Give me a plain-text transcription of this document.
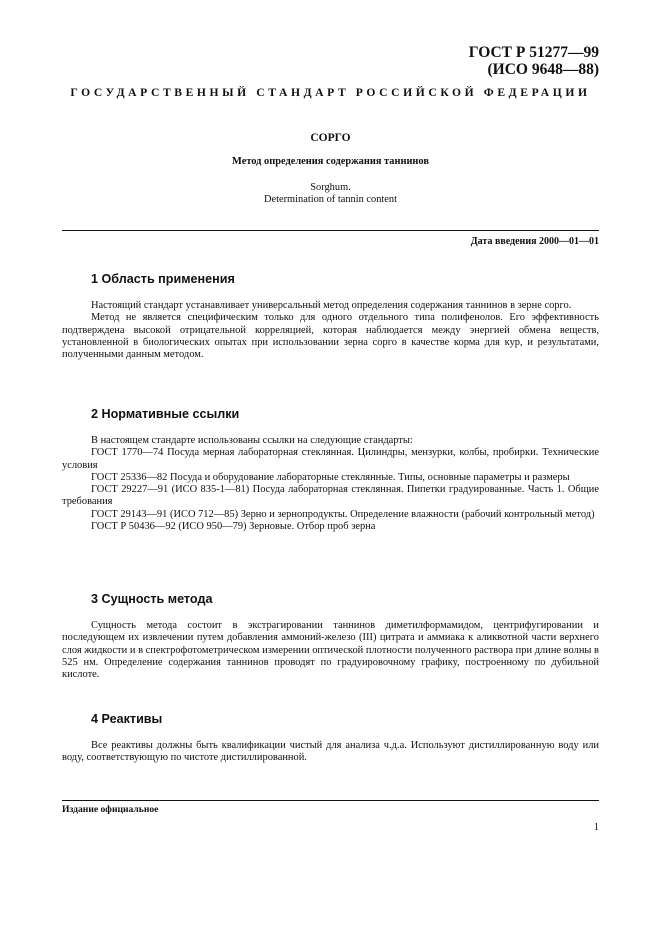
ГОСТ Р 51277—99
(ИСО 9648—88)
ГОСУДАРСТВЕННЫЙ СТАНДАРТ РОССИЙСКОЙ ФЕДЕРАЦИИ
СОРГО
Метод определения содержания таннинов
Sorghum.
Determination of tannin content
Дата введения 2000—01—01
1 Область применения

Настоящий стандарт устанавливает универсальный метод определения содержания таннинов в зерне сорго.

Метод не является специфическим только для одного отдельного типа полифенолов. Его эффективность подтверждена высокой отрицательной корреляцией, которая наблюдается между энергией обмена веществ, установленной в биологических опытах при использовании зерна сорго в качестве корма для кур, и результатами, полученными данным методом.

2 Нормативные ссылки

В настоящем стандарте использованы ссылки на следующие стандарты:

ГОСТ 1770—74 Посуда мерная лабораторная стеклянная. Цилиндры, мензурки, колбы, пробирки. Технические условия

ГОСТ 25336—82 Посуда и оборудование лабораторные стеклянные. Типы, основные параметры и размеры

ГОСТ 29227—91 (ИСО 835-1—81) Посуда лабораторная стеклянная. Пипетки градуированные. Часть 1. Общие требования

ГОСТ 29143—91 (ИСО 712—85) Зерно и зернопродукты. Определение влажности (рабочий контрольный метод)

ГОСТ Р 50436—92 (ИСО 950—79) Зерновые. Отбор проб зерна

3 Сущность метода

Сущность метода состоит в экстрагировании таннинов диметилформамидом, центрифугировании и последующем их извлечении путем добавления аммоний-железо (III) цитрата и аммиака к аликвотной части верхнего слоя жидкости и в спектрофотометрическом измерении оптической плотности полученного раствора при длине волны в 525 нм. Определение содержания таннинов проводят по градуировочному графику, построенному по дубильной кислоте.

4 Реактивы

Все реактивы должны быть квалификации чистый для анализа ч.д.а. Используют дистиллированную воду или воду, соответствующую по чистоте дистиллированной.

Издание официальное
1
